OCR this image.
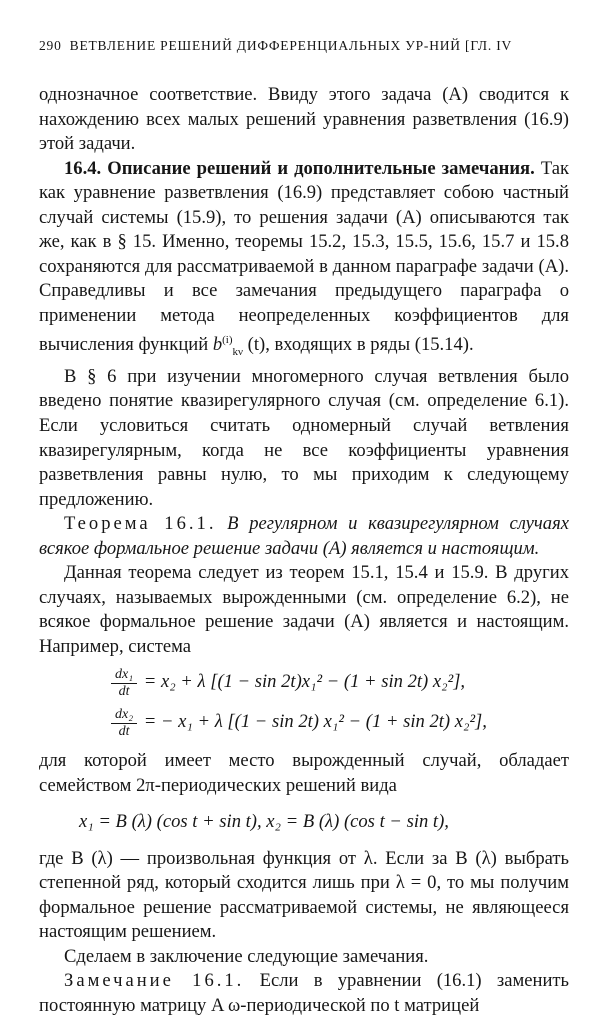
290 ВЕТВЛЕНИЕ РЕШЕНИЙ ДИФФЕРЕНЦИАЛЬНЫХ УР-НИЙ [ГЛ. IV

однозначное соответствие. Ввиду этого задача (A) сводится к нахождению всех малых решений уравнения разветвления (16.9) этой задачи.

16.4. Описание решений и дополнительные замечания. Так как уравнение разветвления (16.9) представляет собою частный случай системы (15.9), то решения задачи (A) описываются так же, как в § 15. Именно, теоремы 15.2, 15.3, 15.5, 15.6, 15.7 и 15.8 сохраняются для рассматриваемой в данном параграфе задачи (A). Справедливы и все замечания предыдущего параграфа о применении метода неопределенных коэффициентов для вычисления функций $b^{(i)}_{k\nu}$ (t), входящих в ряды (15.14).

В § 6 при изучении многомерного случая ветвления было введено понятие квазирегулярного случая (см. определение 6.1). Если условиться считать одномерный случай ветвления квазирегулярным, когда не все коэффициенты уравнения разветвления равны нулю, то мы приходим к следующему предложению.

Теорема 16.1. В регулярном и квазирегулярном случаях всякое формальное решение задачи (A) является и настоящим.

Данная теорема следует из теорем 15.1, 15.4 и 15.9. В других случаях, называемых вырожденными (см. определение 6.2), не всякое формальное решение задачи (A) является и настоящим. Например, система

$\frac{\text{dx₁}}{dt} = x_2 + \lambda$ [(1 − sin 2t)x₁² − (1 + sin 2t) x₂²],
$\frac{\text{dx₂}}{dt}$ = − x₁ + λ [(1 − sin 2t) x₁² − (1 + sin 2t) x₂²],

для которой имеет место вырожденный случай, обладает семейством 2π-периодических решений вида

x₁ = B (λ) (cos t + sin t), x₂ = B (λ) (cos t − sin t),

где B (λ) — произвольная функция от λ. Если за B (λ) выбрать степенной ряд, который сходится лишь при λ = 0, то мы получим формальное решение рассматриваемой системы, не являющееся настоящим решением.

Сделаем в заключение следующие замечания.

Замечание 16.1. Если в уравнении (16.1) заменить постоянную матрицу A ω-периодической по t матрицей
